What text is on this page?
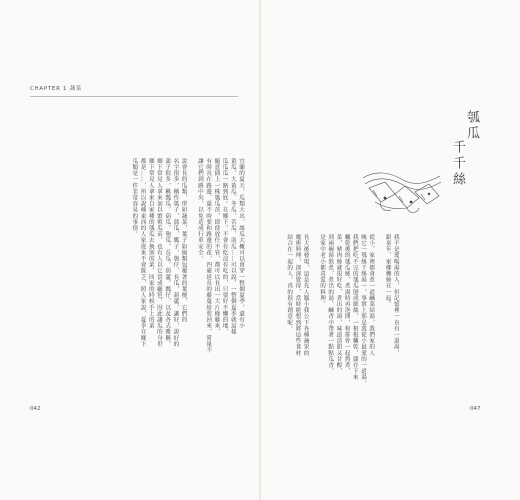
CHAPTER 1 蔬菜
宜蘭的夏天，瓜類大出，絲瓜大概可以賣穿一整個夏季，還有小
黃瓜、大黃瓜、冬瓜、苦瓜、南瓜……可以說，一整個夏季就這樣
瓜瓜瓜一路到底。在鄉下，不會有吃沒有吃的，只要好不懶的地，
隨意插上一株瓠瓜苗，即使放任不管，都可以長出一大片綠藤來，
有時長在路邊，還不時要和路邊的花，四處延長的藤蔓給剪回來，嘗量不
讓它們到路中央，以免造成行車安全。

說會長的瓜類，形如蔬菜，葉子如綿類包覆著的葉梗，它們的
名字很多，稱作瓠子，蒲瓜，瓢子，匏仔，長瓜，葫蘆，讓好，說好的
蒲子很多，稱瓢瓜，葫瓜，匏瓜，長瓜，葫蘆，瓢仔，以及各式雅稱，
鄉下常見人拿來加以繁殖瓜苗，也有人以它當成籬笆，因此讓瓜的身世
鄉下常見人拿來自家種的瓠瓜去換別的菜，回家的時候手上的菜
都是……，所以說種東西的人家從來不會匱乏，照人家說，夏季在鄉下
瓜類是一件非常容易的事情。
瓠瓜
千千絲
我不是愛喝湯的人，但記憶裡一直有一道湯，
跟童年、家鄉纏綿在一起。

從小，家裡都會煮一道鹹菜結湯，我們家的人
喚它一瓠絲千絲湯一，事實上那是我從小最愛的一道湯，
我們把吃不完的瓠瓜刨成細絲，一根根曬乾，儲存下來
曬乾後的瓠瓜絲，煮湯時再泡開，和排骨一起熬煮，
菜，豬肉絲就很好吃，煮出的湯，味道清甜又甘醇，
到兩碗湯熬煮，煮出的湯，鹹香中帶著一點點瓜香，
是家中老小都喜愛的料理。

長大後發現，這是先人腦小我公下各種蔬果的
魔術料理，深深覺得，當時能想到將這些食材
結合在一起的人，真的很有創意呢。
042	047
